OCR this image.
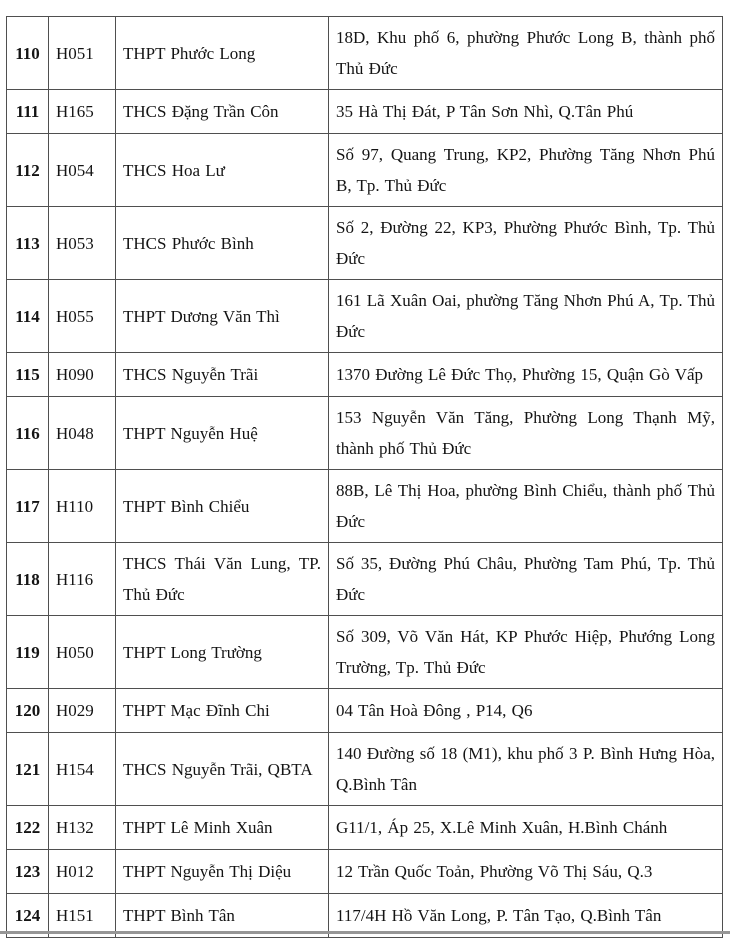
110	H051	THPT Phước Long	18D, Khu phố 6, phường Phước Long B, thành phố Thủ Đức
111	H165	THCS Đặng Trần Côn	35 Hà Thị Đát, P Tân Sơn Nhì, Q.Tân Phú
112	H054	THCS Hoa Lư	Số 97, Quang Trung, KP2, Phường Tăng Nhơn Phú B, Tp. Thủ Đức
113	H053	THCS Phước Bình	Số 2, Đường 22, KP3, Phường Phước Bình, Tp. Thủ Đức
114	H055	THPT Dương Văn Thì	161 Lã Xuân Oai, phường Tăng Nhơn Phú A, Tp. Thủ Đức
115	H090	THCS Nguyễn Trãi	1370 Đường Lê Đức Thọ, Phường 15, Quận Gò Vấp
116	H048	THPT Nguyễn Huệ	153 Nguyễn Văn Tăng, Phường Long Thạnh Mỹ, thành phố Thủ Đức
117	H110	THPT Bình Chiểu	88B, Lê Thị Hoa, phường Bình Chiểu, thành phố Thủ Đức
118	H116	THCS Thái Văn Lung, TP. Thủ Đức	Số 35, Đường Phú Châu, Phường Tam Phú, Tp. Thủ Đức
119	H050	THPT Long Trường	Số 309, Võ Văn Hát, KP Phước Hiệp, Phướng Long Trường, Tp. Thủ Đức
120	H029	THPT Mạc Đĩnh Chi	04 Tân Hoà Đông , P14, Q6
121	H154	THCS Nguyễn Trãi, QBTA	140 Đường số 18 (M1), khu phố 3 P. Bình Hưng Hòa, Q.Bình Tân
122	H132	THPT Lê Minh Xuân	G11/1, Áp 25, X.Lê Minh Xuân, H.Bình Chánh
123	H012	THPT Nguyễn Thị Diệu	12 Trần Quốc Toản, Phường Võ Thị Sáu, Q.3
124	H151	THPT Bình Tân	117/4H Hồ Văn Long, P. Tân Tạo, Q.Bình Tân
